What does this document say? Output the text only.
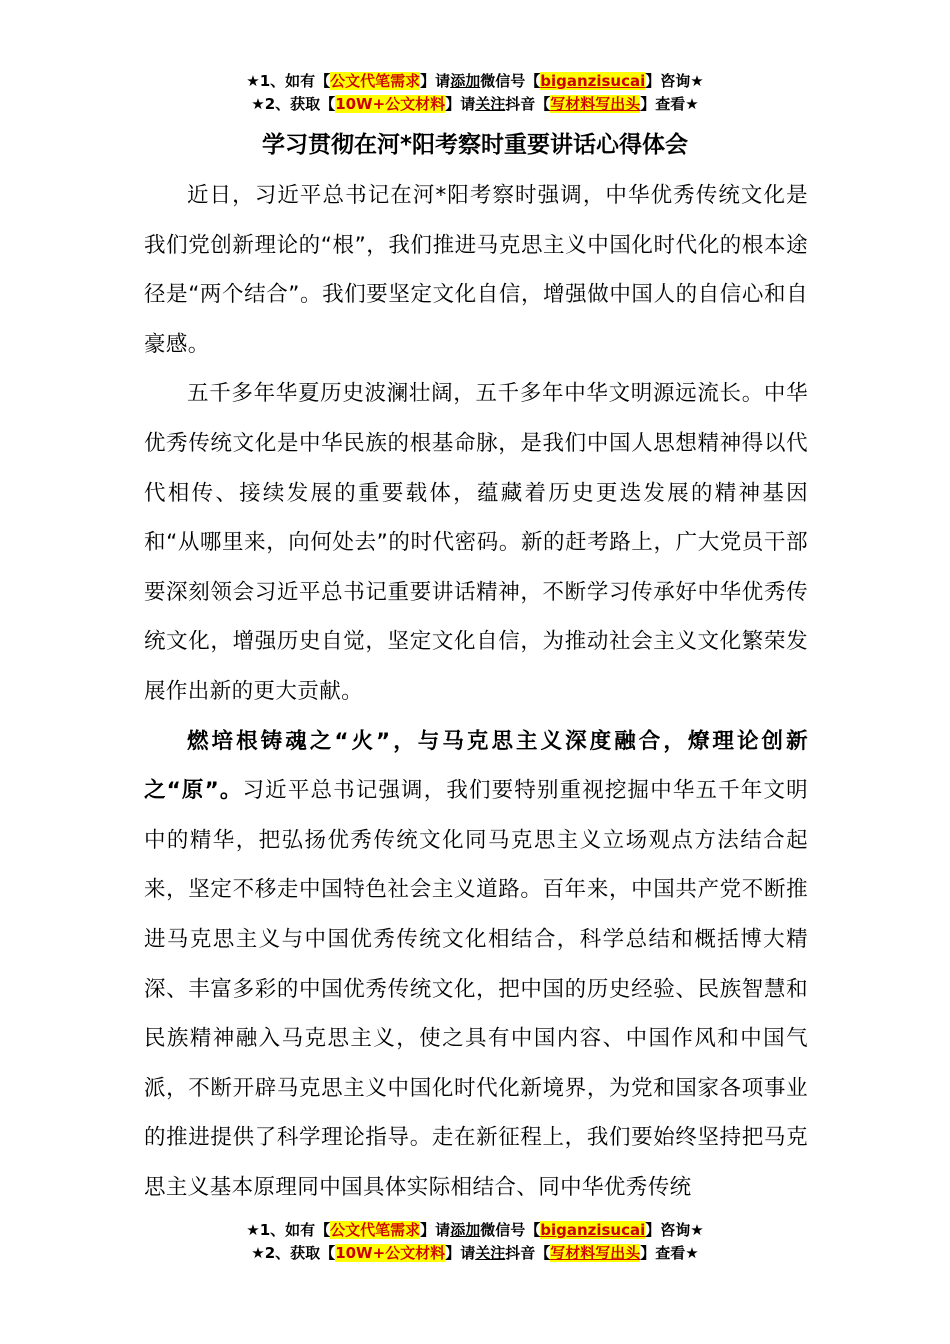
★1、如有【公文代笔需求】请添加微信号【biganzisucai】咨询★
★2、获取【10W+公文材料】请关注抖音【写材料写出头】查看★
学习贯彻在河*阳考察时重要讲话心得体会

近日，习近平总书记在河*阳考察时强调，中华优秀传统文化是我们党创新理论的“根”，我们推进马克思主义中国化时代化的根本途径是“两个结合”。我们要坚定文化自信，增强做中国人的自信心和自豪感。

五千多年华夏历史波澜壮阔，五千多年中华文明源远流长。中华优秀传统文化是中华民族的根基命脉，是我们中国人思想精神得以代代相传、接续发展的重要载体，蕴藏着历史更迭发展的精神基因和“从哪里来，向何处去”的时代密码。新的赶考路上，广大党员干部要深刻领会习近平总书记重要讲话精神，不断学习传承好中华优秀传统文化，增强历史自觉，坚定文化自信，为推动社会主义文化繁荣发展作出新的更大贡献。

燃培根铸魂之“火”，与马克思主义深度融合，燎理论创新之“原”。习近平总书记强调，我们要特别重视挖掘中华五千年文明中的精华，把弘扬优秀传统文化同马克思主义立场观点方法结合起来，坚定不移走中国特色社会主义道路。百年来，中国共产党不断推进马克思主义与中国优秀传统文化相结合，科学总结和概括博大精深、丰富多彩的中国优秀传统文化，把中国的历史经验、民族智慧和民族精神融入马克思主义，使之具有中国内容、中国作风和中国气派，不断开辟马克思主义中国化时代化新境界，为党和国家各项事业的推进提供了科学理论指导。走在新征程上，我们要始终坚持把马克思主义基本原理同中国具体实际相结合、同中华优秀传统

★1、如有【公文代笔需求】请添加微信号【biganzisucai】咨询★
★2、获取【10W+公文材料】请关注抖音【写材料写出头】查看★
